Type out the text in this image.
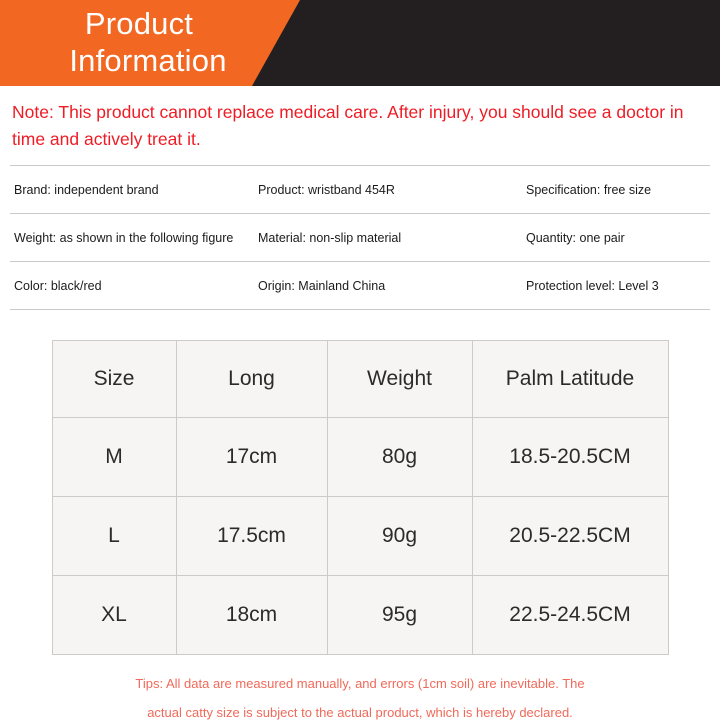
Product
Information
Note: This product cannot replace medical care. After injury, you should see a doctor in time and actively treat it.
Brand: independent brand	Product: wristband 454R	Specification: free size
Weight: as shown in the following figure	Material: non-slip material	Quantity: one pair
Color: black/red	Origin: Mainland China	Protection level: Level 3
Size	Long	Weight	Palm Latitude
M	17cm	80g	18.5-20.5CM
L	17.5cm	90g	20.5-22.5CM
XL	18cm	95g	22.5-24.5CM
Tips: All data are measured manually, and errors (1cm soil) are inevitable. The
actual catty size is subject to the actual product, which is hereby declared.
